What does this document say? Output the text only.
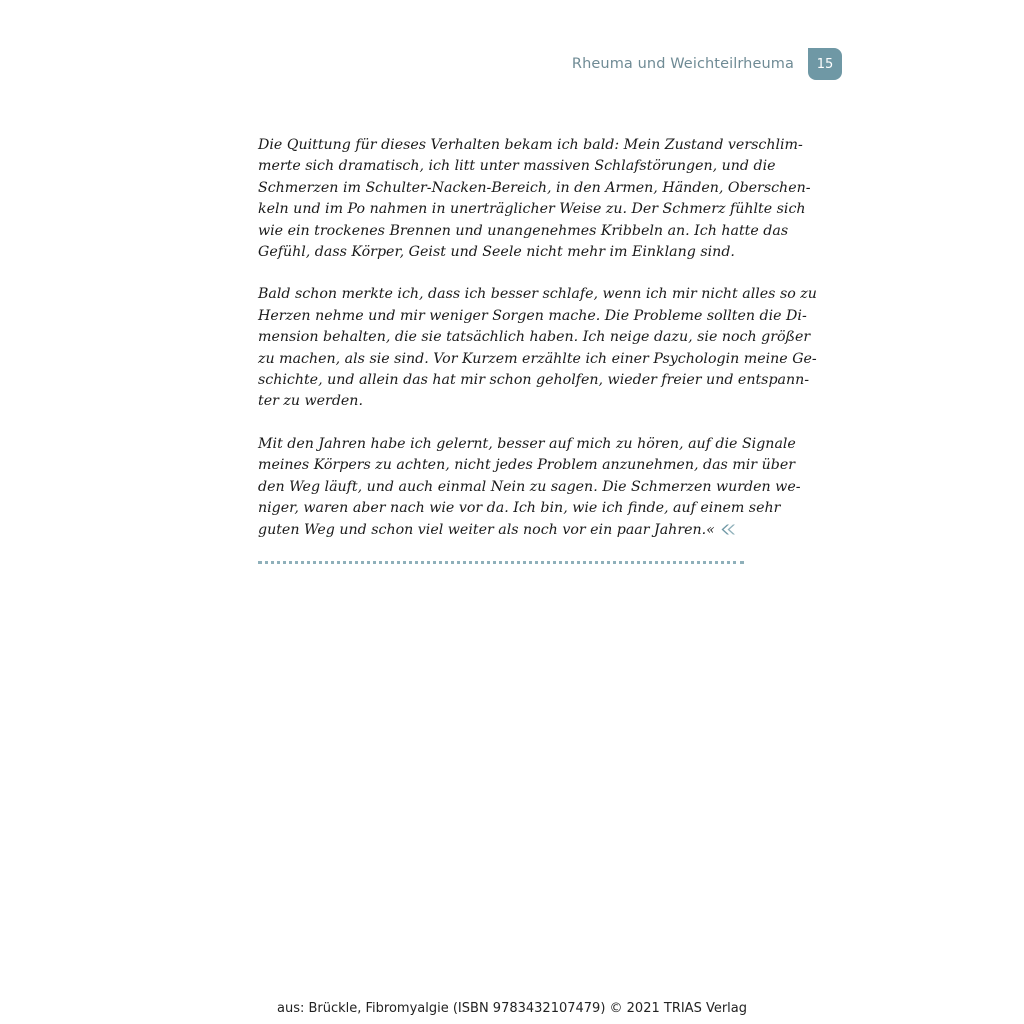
Rheuma und Weichteilrheuma	15

Die Quittung für dieses Verhalten bekam ich bald: Mein Zustand verschlim-
merte sich dramatisch, ich litt unter massiven Schlafstörungen, und die
Schmerzen im Schulter-Nacken-Bereich, in den Armen, Händen, Oberschen-
keln und im Po nahmen in unerträglicher Weise zu. Der Schmerz fühlte sich
wie ein trockenes Brennen und unangenehmes Kribbeln an. Ich hatte das
Gefühl, dass Körper, Geist und Seele nicht mehr im Einklang sind.

Bald schon merkte ich, dass ich besser schlafe, wenn ich mir nicht alles so zu
Herzen nehme und mir weniger Sorgen mache. Die Probleme sollten die Di-
mension behalten, die sie tatsächlich haben. Ich neige dazu, sie noch größer
zu machen, als sie sind. Vor Kurzem erzählte ich einer Psychologin meine Ge-
schichte, und allein das hat mir schon geholfen, wieder freier und entspann-
ter zu werden.

Mit den Jahren habe ich gelernt, besser auf mich zu hören, auf die Signale
meines Körpers zu achten, nicht jedes Problem anzunehmen, das mir über
den Weg läuft, und auch einmal Nein zu sagen. Die Schmerzen wurden we-
niger, waren aber nach wie vor da. Ich bin, wie ich finde, auf einem sehr
guten Weg und schon viel weiter als noch vor ein paar Jahren.«

aus: Brückle, Fibromyalgie (ISBN 9783432107479) © 2021 TRIAS Verlag
